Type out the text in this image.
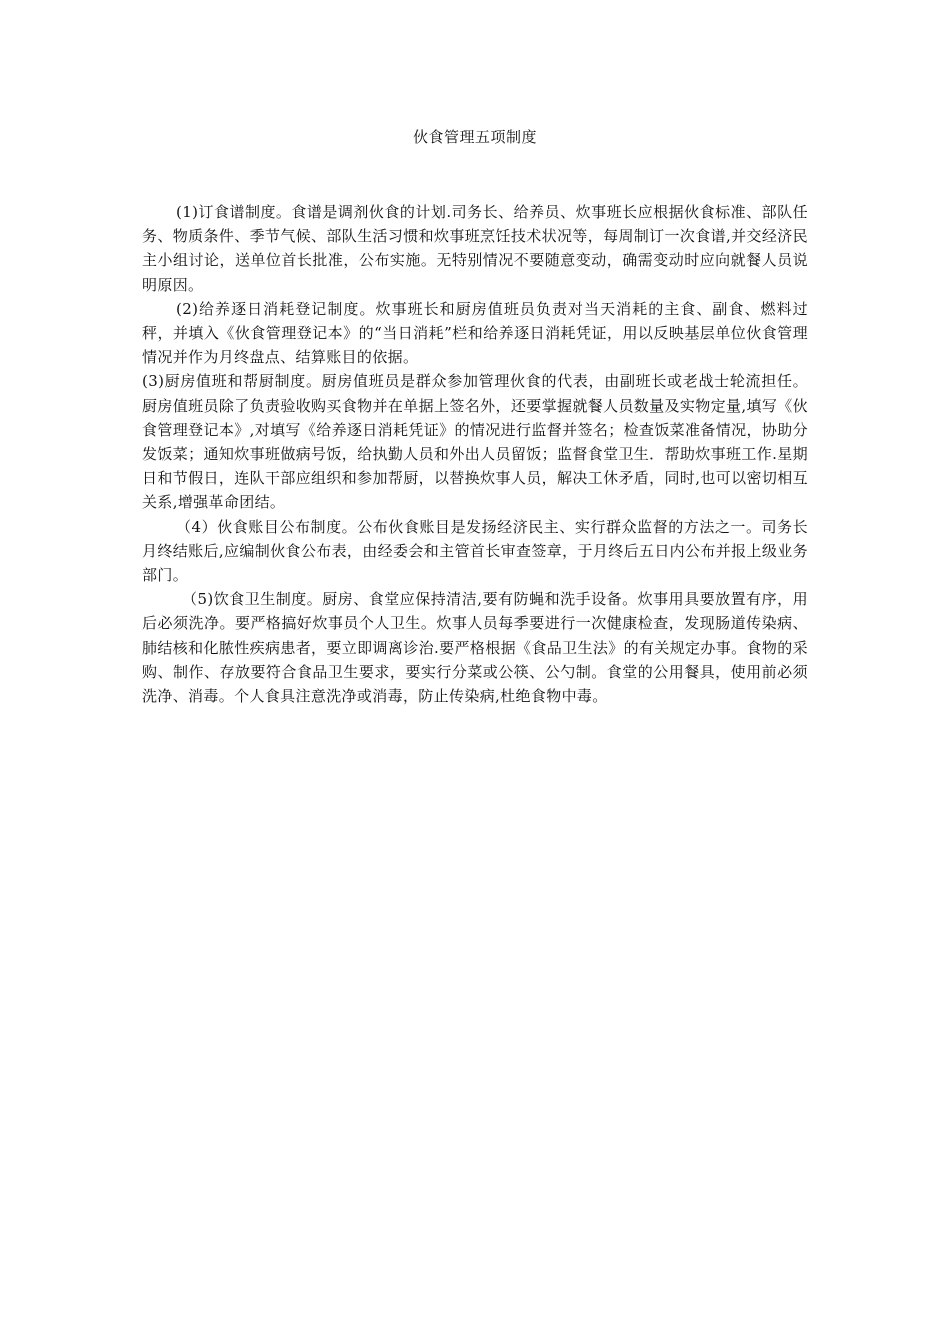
伙食管理五项制度

(1)订食谱制度。食谱是调剂伙食的计划.司务长、给养员、炊事班长应根据伙食标准、部队任务、物质条件、季节气候、部队生活习惯和炊事班烹饪技术状况等，每周制订一次食谱,并交经济民主小组讨论，送单位首长批准，公布实施。无特别情况不要随意变动，确需变动时应向就餐人员说明原因。

(2)给养逐日消耗登记制度。炊事班长和厨房值班员负责对当天消耗的主食、副食、燃料过秤，并填入《伙食管理登记本》的“当日消耗”栏和给养逐日消耗凭证，用以反映基层单位伙食管理情况并作为月终盘点、结算账目的依据。

(3)厨房值班和帮厨制度。厨房值班员是群众参加管理伙食的代表，由副班长或老战士轮流担任。厨房值班员除了负责验收购买食物并在单据上签名外，还要掌握就餐人员数量及实物定量,填写《伙食管理登记本》,对填写《给养逐日消耗凭证》的情况进行监督并签名；检查饭菜准备情况，协助分发饭菜；通知炊事班做病号饭，给执勤人员和外出人员留饭；监督食堂卫生．帮助炊事班工作.星期日和节假日，连队干部应组织和参加帮厨，以替换炊事人员，解决工休矛盾，同时,也可以密切相互关系,增强革命团结。

（4）伙食账目公布制度。公布伙食账目是发扬经济民主、实行群众监督的方法之一。司务长月终结账后,应编制伙食公布表，由经委会和主管首长审查签章，于月终后五日内公布并报上级业务部门。

（5)饮食卫生制度。厨房、食堂应保持清洁,要有防蝇和洗手设备。炊事用具要放置有序，用后必须洗净。要严格搞好炊事员个人卫生。炊事人员每季要进行一次健康检查，发现肠道传染病、肺结核和化脓性疾病患者，要立即调离诊治.要严格根据《食品卫生法》的有关规定办事。食物的采购、制作、存放要符合食品卫生要求，要实行分菜或公筷、公勺制。食堂的公用餐具，使用前必须洗净、消毒。个人食具注意洗净或消毒，防止传染病,杜绝食物中毒。
